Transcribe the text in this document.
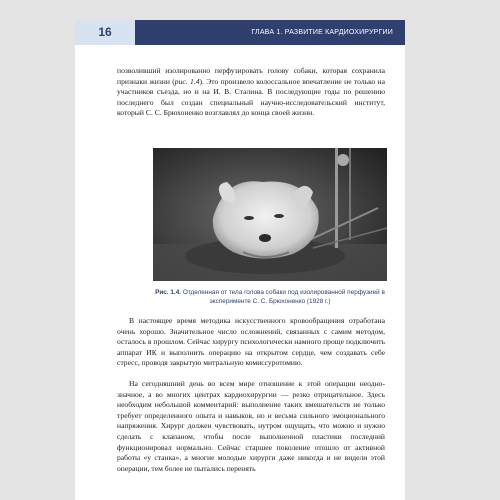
16	ГЛАВА 1. РАЗВИТИЕ КАРДИОХИРУРГИИ

позволивший изолированно перфузировать голову собаки, которая сохранила признаки жизни (рис. 1.4). Это произвело колоссальное впечатление не только на участников съезда, но и на И. В. Сталина. В последующие годы по решению последнего был создан специальный научно-исследовательский институт, который С. С. Брюхоненко возглавлял до конца своей жизни.

Рис. 1.4. Отделенная от тела голова собаки под изолированной перфузией в эксперименте С. С. Брюхоненко (1928 г.)

В настоящее время методика искусственного кровообращения отработана очень хорошо. Значительное число осложнений, связанных с самим методом, осталось в прошлом. Сейчас хирургу психологически намного проще подключить аппарат ИК и выполнить операцию на открытом сердце, чем создавать себе стресс, проводя закрытую митральную комиссуротомию.

На сегодняшний день во всем мире отношение к этой операции неоднозначное, а во многих центрах кардиохирургии — резко отрицательное. Здесь необходим небольшой комментарий: выполнение таких вмешательств не только требует определенного опыта и навыков, но и весьма сильного эмоционального напряжения. Хирург должен чувствовать, нутром ощущать, что можно и нужно сделать с клапаном, чтобы после выполненной пластики последний функционировал нормально. Сейчас старшее поколение отошло от активной работы «у станка», а многие молодые хирурги даже никогда и не видели этой операции, тем более не пытались перенять
